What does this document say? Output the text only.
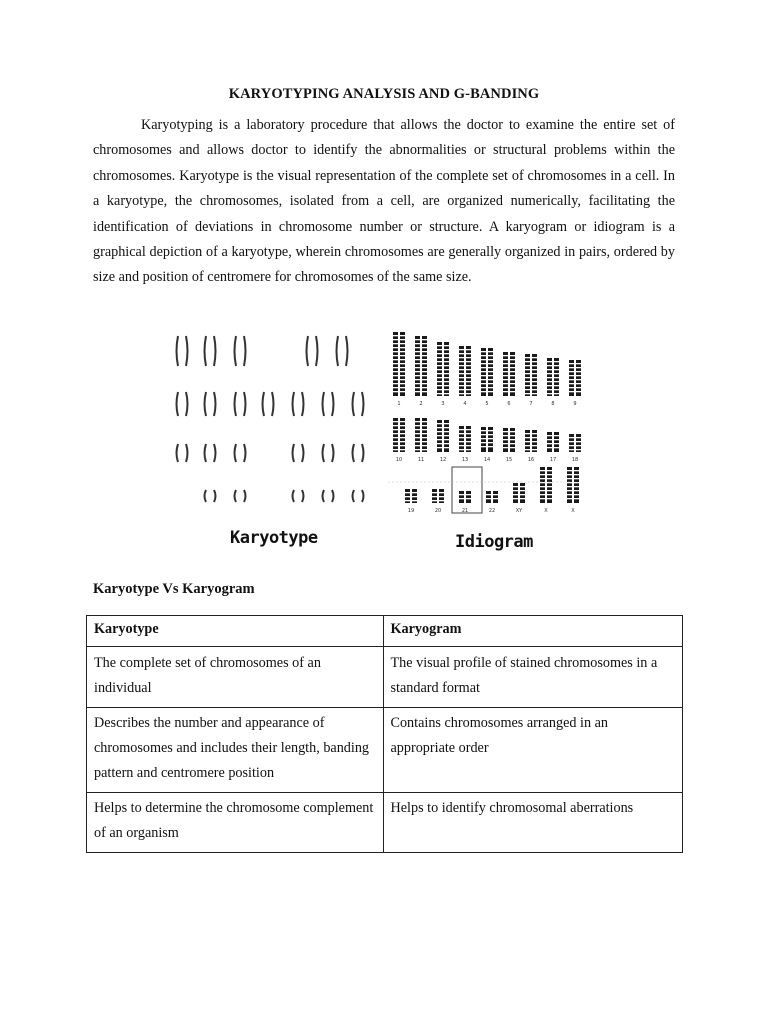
KARYOTYPING ANALYSIS AND G-BANDING

Karyotyping is a laboratory procedure that allows the doctor to examine the entire set of chromosomes and allows doctor to identify the abnormalities or structural problems within the chromosomes. Karyotype is the visual representation of the complete set of chromosomes in a cell. In a karyotype, the chromosomes, isolated from a cell, are organized numerically, facilitating the identification of deviations in chromosome number or structure. A karyogram or idiogram is a graphical depiction of a karyotype, wherein chromosomes are generally organized in pairs, ordered by size and position of centromere for chromosomes of the same size.

1	2	3	4	5	6	7	8	9
10	11	12	13	14	15	16	17	18
19	20	21	22	XY	X	X
Karyotype	Idiogram
Karyotype Vs Karyogram
Karyotype	Karyogram
The complete set of chromosomes of an individual	The visual profile of stained chromosomes in a standard format
Describes the number and appearance of chromosomes and includes their length, banding pattern and centromere position	Contains chromosomes arranged in an appropriate order
Helps to determine the chromosome complement of an organism	Helps to identify chromosomal aberrations
